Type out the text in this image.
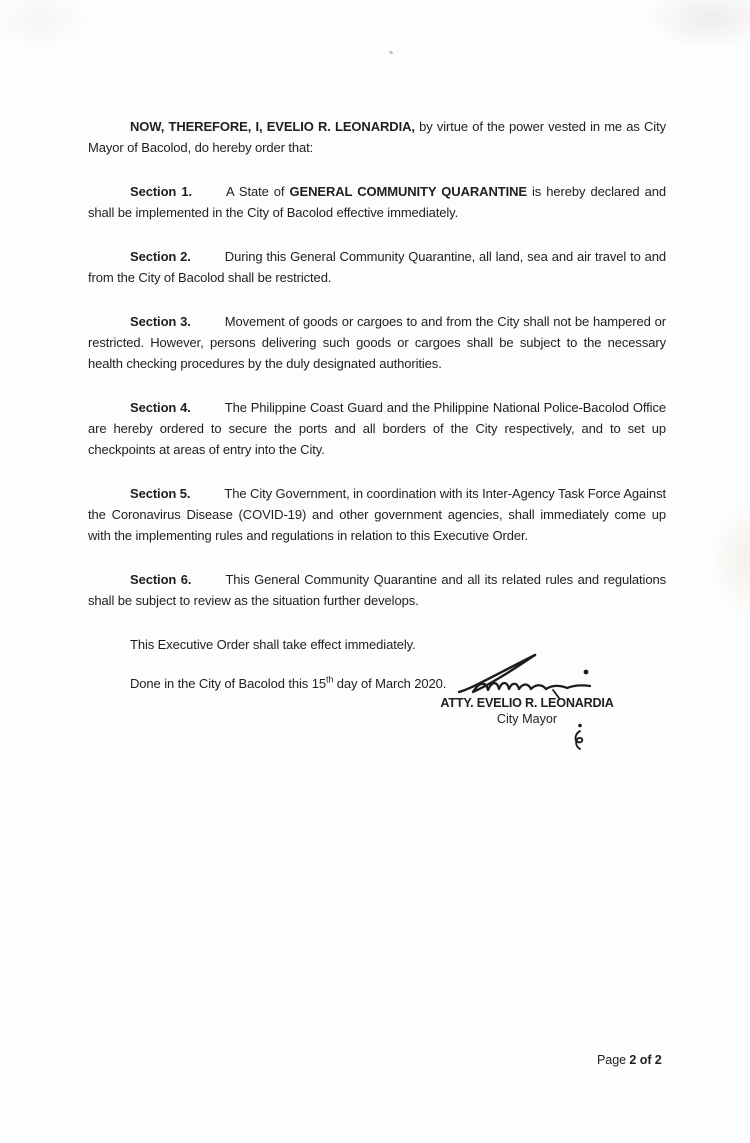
NOW, THEREFORE, I, EVELIO R. LEONARDIA, by virtue of the power vested in me as City Mayor of Bacolod, do hereby order that:

Section 1.	A State of GENERAL COMMUNITY QUARANTINE is hereby declared and shall be implemented in the City of Bacolod effective immediately.

Section 2.	During this General Community Quarantine, all land, sea and air travel to and from the City of Bacolod shall be restricted.

Section 3.	Movement of goods or cargoes to and from the City shall not be hampered or restricted. However, persons delivering such goods or cargoes shall be subject to the necessary health checking procedures by the duly designated authorities.

Section 4.	The Philippine Coast Guard and the Philippine National Police-Bacolod Office are hereby ordered to secure the ports and all borders of the City respectively, and to set up checkpoints at areas of entry into the City.

Section 5.	The City Government, in coordination with its Inter-Agency Task Force Against the Coronavirus Disease (COVID-19) and other government agencies, shall immediately come up with the implementing rules and regulations in relation to this Executive Order.

Section 6.	This General Community Quarantine and all its related rules and regulations shall be subject to review as the situation further develops.

This Executive Order shall take effect immediately.

Done in the City of Bacolod this 15th day of March 2020.

ATTY. EVELIO R. LEONARDIA
City Mayor
Page 2 of 2
